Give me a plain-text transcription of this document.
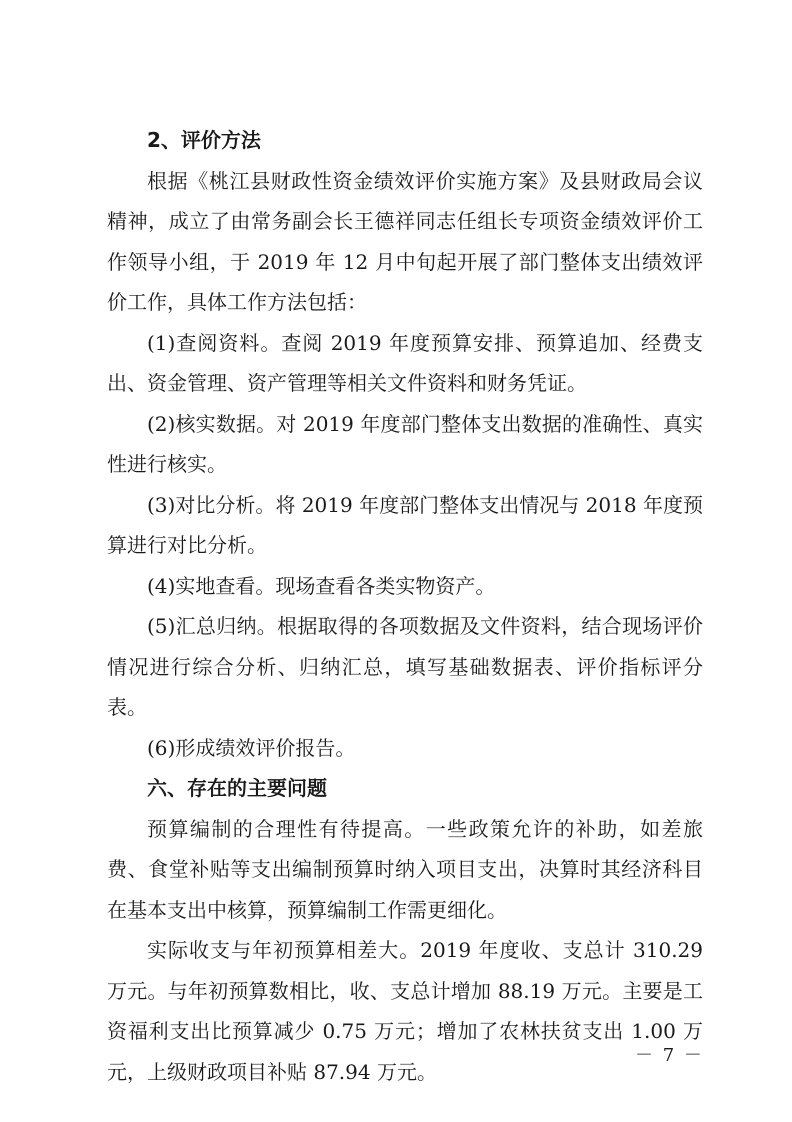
2、评价方法

根据《桃江县财政性资金绩效评价实施方案》及县财政局会议精神，成立了由常务副会长王德祥同志任组长专项资金绩效评价工作领导小组，于 2019 年 12 月中旬起开展了部门整体支出绩效评价工作，具体工作方法包括：

(1)查阅资料。查阅 2019 年度预算安排、预算追加、经费支出、资金管理、资产管理等相关文件资料和财务凭证。

(2)核实数据。对 2019 年度部门整体支出数据的准确性、真实性进行核实。

(3)对比分析。将 2019 年度部门整体支出情况与 2018 年度预算进行对比分析。

(4)实地查看。现场查看各类实物资产。

(5)汇总归纳。根据取得的各项数据及文件资料，结合现场评价情况进行综合分析、归纳汇总，填写基础数据表、评价指标评分表。

(6)形成绩效评价报告。

六、存在的主要问题

预算编制的合理性有待提高。一些政策允许的补助，如差旅费、食堂补贴等支出编制预算时纳入项目支出，决算时其经济科目在基本支出中核算，预算编制工作需更细化。

实际收支与年初预算相差大。2019 年度收、支总计 310.29 万元。与年初预算数相比，收、支总计增加 88.19 万元。主要是工资福利支出比预算减少 0.75 万元；增加了农林扶贫支出 1.00 万元，上级财政项目补贴 87.94 万元。

－ 7 －
